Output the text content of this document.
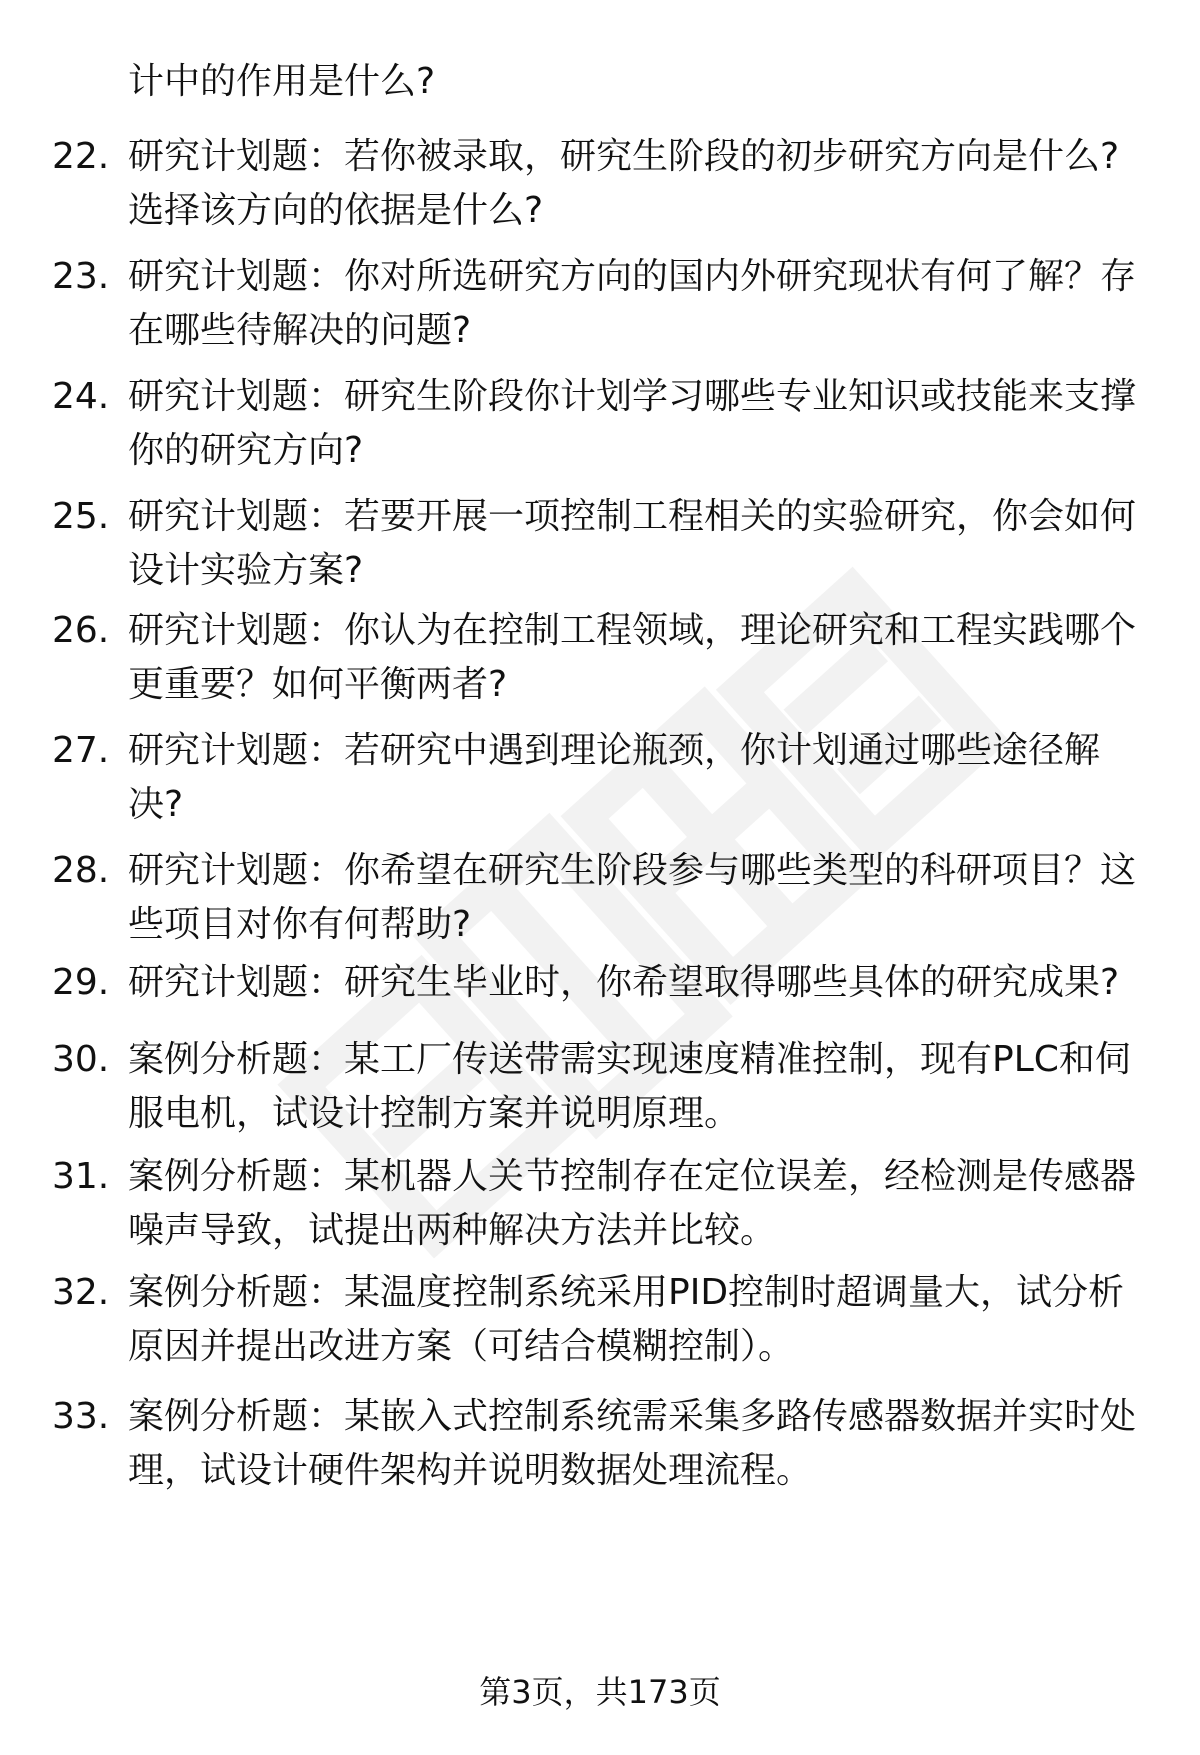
计中的作用是什么?
22. 研究计划题：若你被录取，研究生阶段的初步研究方向是什么?
选择该方向的依据是什么?
23. 研究计划题：你对所选研究方向的国内外研究现状有何了解？存
在哪些待解决的问题?
24. 研究计划题：研究生阶段你计划学习哪些专业知识或技能来支撑
你的研究方向?
25. 研究计划题：若要开展一项控制工程相关的实验研究，你会如何
设计实验方案?
26. 研究计划题：你认为在控制工程领域，理论研究和工程实践哪个
更重要？如何平衡两者?
27. 研究计划题：若研究中遇到理论瓶颈，你计划通过哪些途径解
决?
28. 研究计划题：你希望在研究生阶段参与哪些类型的科研项目？这
些项目对你有何帮助?
29. 研究计划题：研究生毕业时，你希望取得哪些具体的研究成果?
30. 案例分析题：某工厂传送带需实现速度精准控制，现有PLC和伺
服电机，试设计控制方案并说明原理。
31. 案例分析题：某机器人关节控制存在定位误差，经检测是传感器
噪声导致，试提出两种解决方法并比较。
32. 案例分析题：某温度控制系统采用PID控制时超调量大，试分析
原因并提出改进方案（可结合模糊控制）。
33. 案例分析题：某嵌入式控制系统需采集多路传感器数据并实时处
理，试设计硬件架构并说明数据处理流程。
第3页，共173页
